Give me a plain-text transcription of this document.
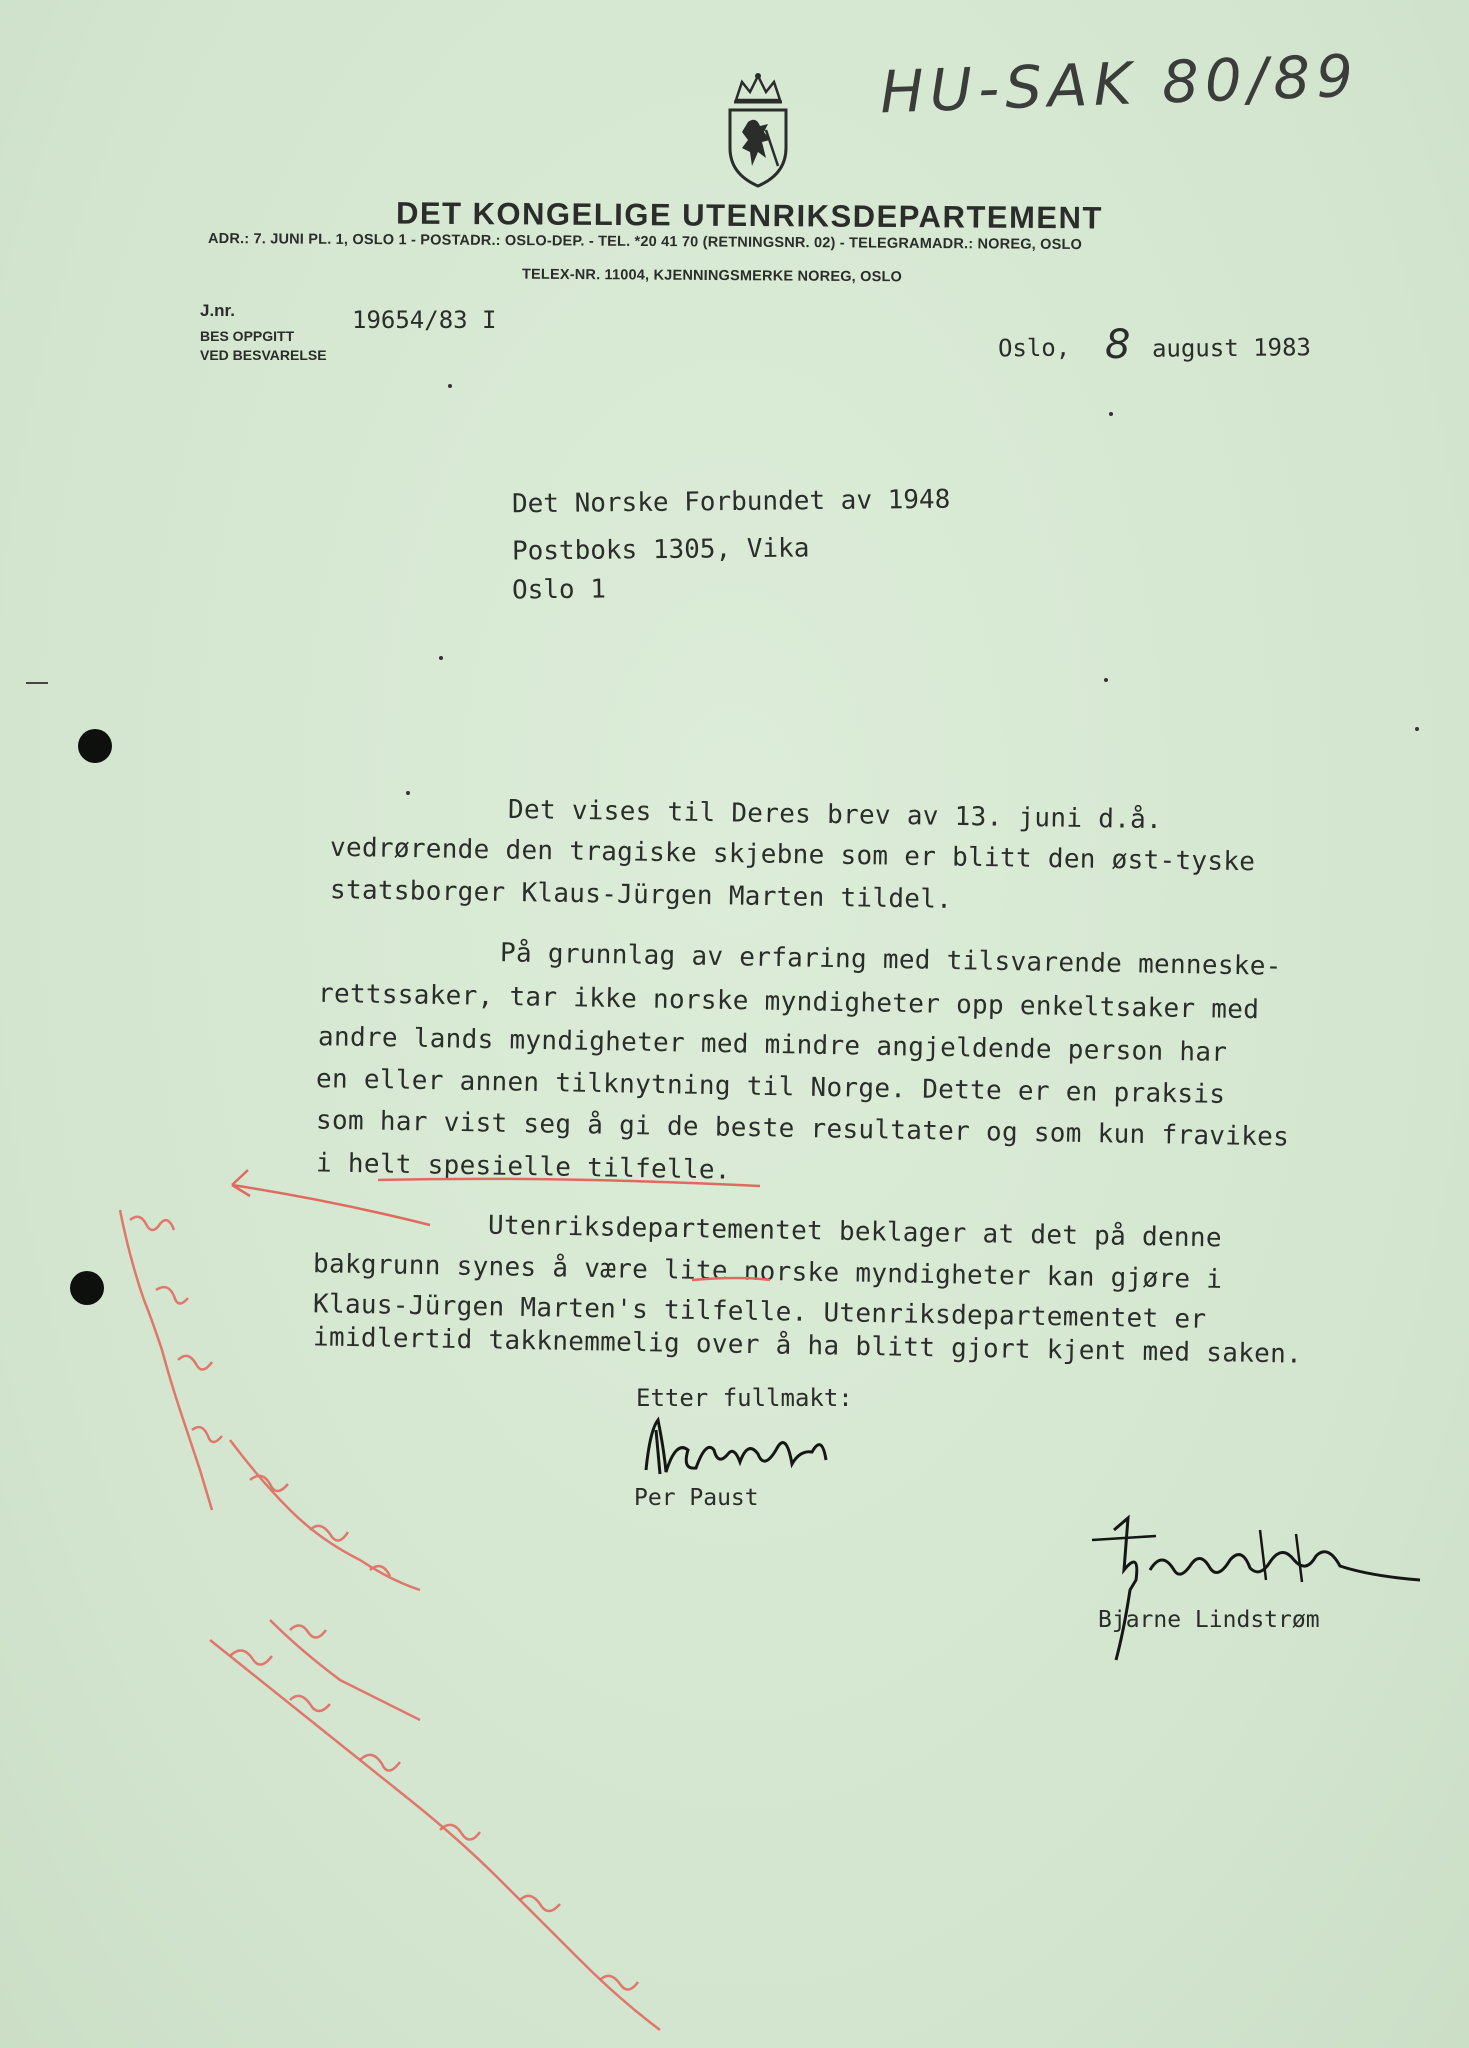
HU-SAK 80/89
DET KONGELIGE UTENRIKSDEPARTEMENT
ADR.: 7. JUNI PL. 1, OSLO 1 - POSTADR.: OSLO-DEP. - TEL. *20 41 70 (RETNINGSNR. 02) - TELEGRAMADR.: NOREG, OSLO
TELEX-NR. 11004, KJENNINGSMERKE NOREG, OSLO
J.nr.	19654/83 I
BES OPPGITT
VED BESVARELSE	Oslo, 8 august 1983
Det Norske Forbundet av 1948
Postboks 1305, Vika
Oslo 1
Det vises til Deres brev av 13. juni d.å.
vedrørende den tragiske skjebne som er blitt den øst-tyske
statsborger Klaus-Jürgen Marten tildel.
På grunnlag av erfaring med tilsvarende menneske-
rettssaker, tar ikke norske myndigheter opp enkeltsaker med
andre lands myndigheter med mindre angjeldende person har
en eller annen tilknytning til Norge. Dette er en praksis
som har vist seg å gi de beste resultater og som kun fravikes
i helt spesielle tilfelle.
Utenriksdepartementet beklager at det på denne
bakgrunn synes å være lite norske myndigheter kan gjøre i
Klaus-Jürgen Marten's tilfelle. Utenriksdepartementet er
imidlertid takknemmelig over å ha blitt gjort kjent med saken.
Etter fullmakt:
Per Paust
Bjarne Lindstrøm
